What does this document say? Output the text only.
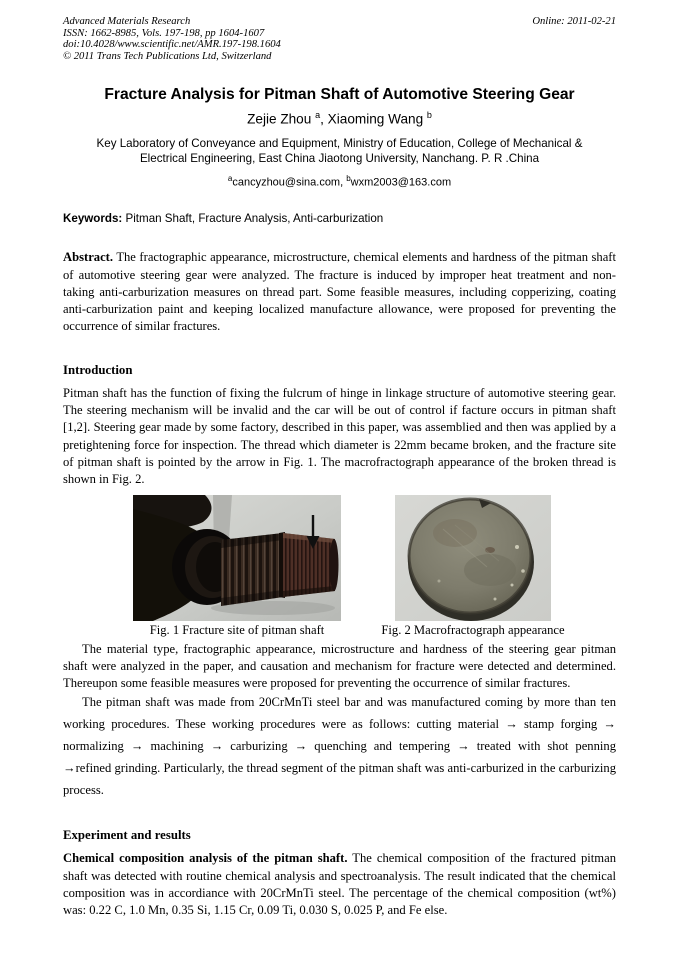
Advanced Materials Research
ISSN: 1662-8985, Vols. 197-198, pp 1604-1607
doi:10.4028/www.scientific.net/AMR.197-198.1604
© 2011 Trans Tech Publications Ltd, Switzerland
Online: 2011-02-21
Fracture Analysis for Pitman Shaft of Automotive Steering Gear
Zejie Zhou $^a$, Xiaoming Wang $^b$
Key Laboratory of Conveyance and Equipment, Ministry of Education, College of Mechanical &
Electrical Engineering, East China Jiaotong University, Nanchang. P. R .China
$^a$cancyzhou@sina.com, $^b$wxm2003@163.com
Keywords: Pitman Shaft, Fracture Analysis, Anti-carburization

Abstract. The fractographic appearance, microstructure, chemical elements and hardness of the pitman shaft of automotive steering gear were analyzed. The fracture is induced by improper heat treatment and non-taking anti-carburization measures on thread part. Some feasible measures, including copperizing, coating anti-carburization paint and keeping localized manufacture allowance, were proposed for preventing the occurrence of similar fractures.

Introduction

Pitman shaft has the function of fixing the fulcrum of hinge in linkage structure of automotive steering gear. The steering mechanism will be invalid and the car will be out of control if facture occurs in pitman shaft [1,2]. Steering gear made by some factory, described in this paper, was assemblied and then was applied by a pretightening force for inspection. The thread which diameter is 22mm became broken, and the fracture site of pitman shaft is pointed by the arrow in Fig. 1. The macrofractograph appearance of the broken thread is shown in Fig. 2.

Fig. 1 Fracture site of pitman shaft	Fig. 2 Macrofractograph appearance

The material type, fractographic appearance, microstructure and hardness of the steering gear pitman shaft were analyzed in the paper, and causation and mechanism for fracture were detected and determined. Thereupon some feasible measures were proposed for preventing the occurrence of similar fractures.

The pitman shaft was made from 20CrMnTi steel bar and was manufactured coming by more than ten working procedures. These working procedures were as follows: cutting material → stamp forging → normalizing → machining → carburizing → quenching and tempering → treated with shot penning →refined grinding. Particularly, the thread segment of the pitman shaft was anti-carburized in the carburizing process.

Experiment and results

Chemical composition analysis of the pitman shaft. The chemical composition of the fractured pitman shaft was detected with routine chemical analysis and spectroanalysis. The result indicated that the chemical composition was in accordiance with 20CrMnTi steel. The percentage of the chemical composition (wt%) was: 0.22 C, 1.0 Mn, 0.35 Si, 1.15 Cr, 0.09 Ti, 0.030 S, 0.025 P, and Fe else.
